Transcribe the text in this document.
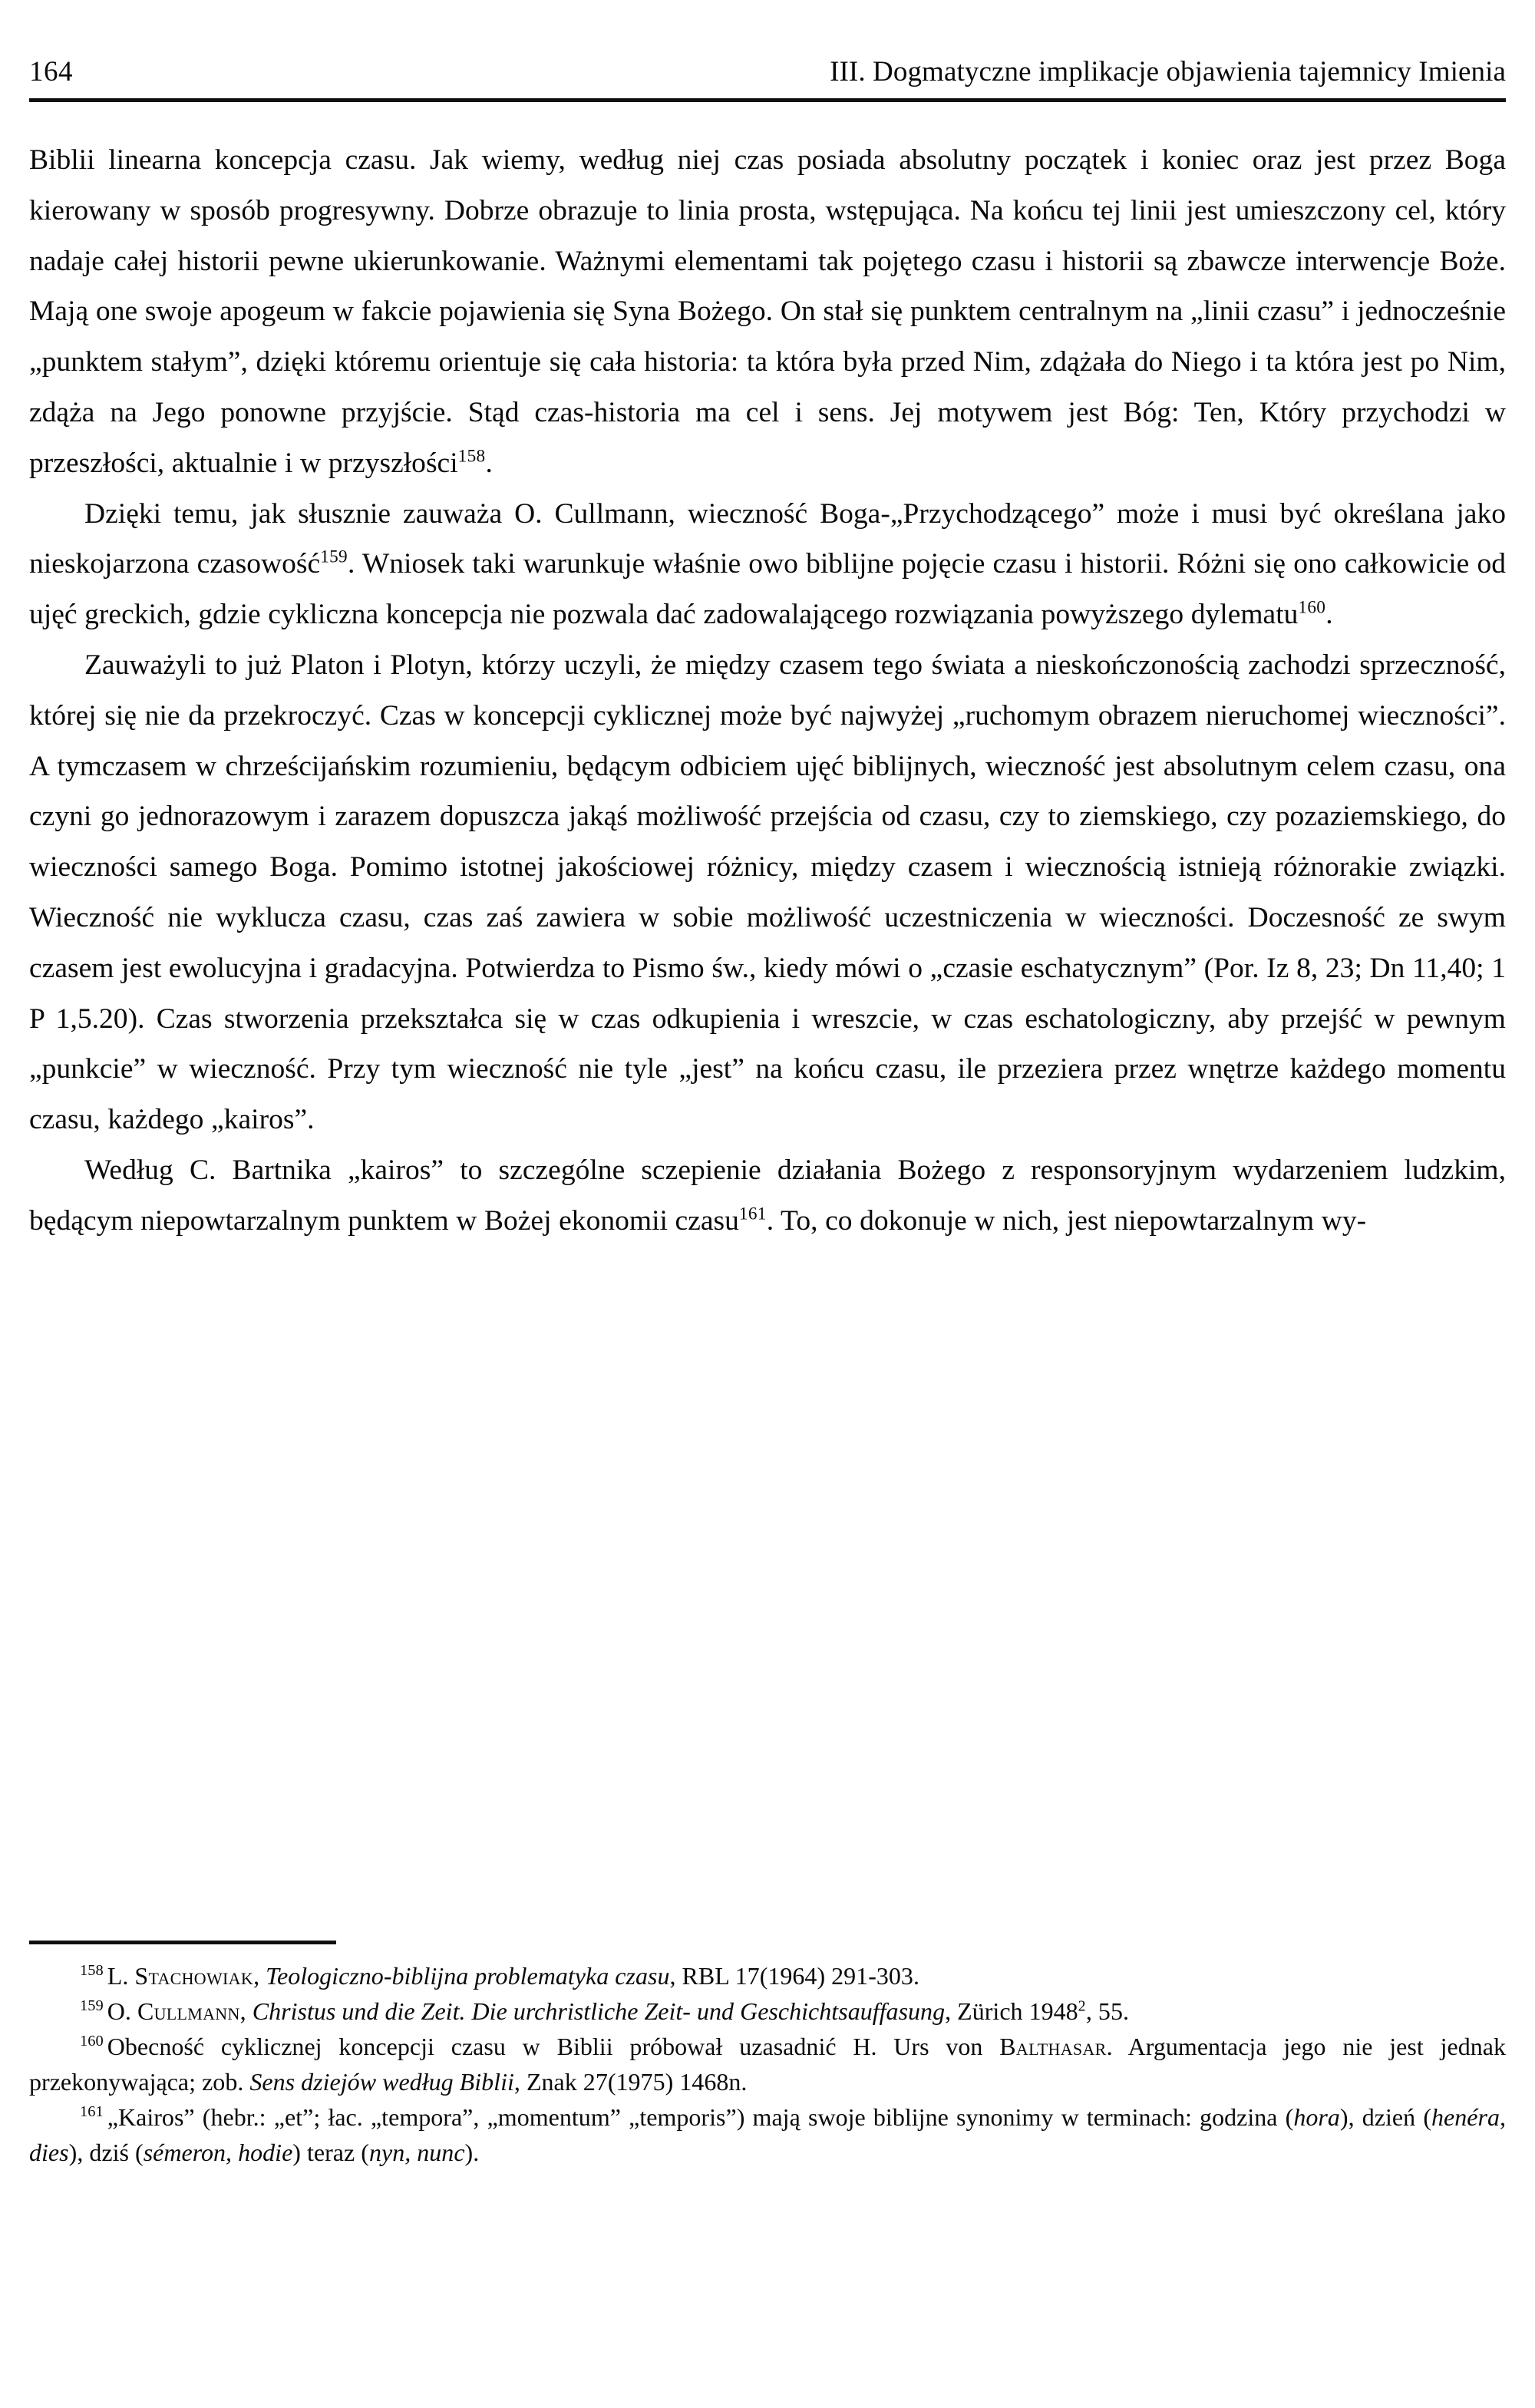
164	III. Dogmatyczne implikacje objawienia tajemnicy Imienia

Biblii linearna koncepcja czasu. Jak wiemy, według niej czas posiada absolutny początek i koniec oraz jest przez Boga kierowany w sposób progresywny. Dobrze obrazuje to linia prosta, wstępująca. Na końcu tej linii jest umieszczony cel, który nadaje całej historii pewne ukierunkowanie. Ważnymi elementami tak pojętego czasu i historii są zbawcze interwencje Boże. Mają one swoje apogeum w fakcie pojawienia się Syna Bożego. On stał się punktem centralnym na „linii czasu” i jednocześnie „punktem stałym”, dzięki któremu orientuje się cała historia: ta która była przed Nim, zdążała do Niego i ta która jest po Nim, zdąża na Jego ponowne przyjście. Stąd czas-historia ma cel i sens. Jej motywem jest Bóg: Ten, Który przychodzi w przeszłości, aktualnie i w przyszłości$^{158}$.

Dzięki temu, jak słusznie zauważa O. Cullmann, wieczność Boga-„Przychodzącego” może i musi być określana jako nieskojarzona czasowość$^{159}$. Wniosek taki warunkuje właśnie owo biblijne pojęcie czasu i historii. Różni się ono całkowicie od ujęć greckich, gdzie cykliczna koncepcja nie pozwala dać zadowalającego rozwiązania powyższego dylematu$^{160}$.

Zauważyli to już Platon i Plotyn, którzy uczyli, że między czasem tego świata a nieskończonością zachodzi sprzeczność, której się nie da przekroczyć. Czas w koncepcji cyklicznej może być najwyżej „ruchomym obrazem nieruchomej wieczności”. A tymczasem w chrześcijańskim rozumieniu, będącym odbiciem ujęć biblijnych, wieczność jest absolutnym celem czasu, ona czyni go jednorazowym i zarazem dopuszcza jakąś możliwość przejścia od czasu, czy to ziemskiego, czy pozaziemskiego, do wieczności samego Boga. Pomimo istotnej jakościowej różnicy, między czasem i wiecznością istnieją różnorakie związki. Wieczność nie wyklucza czasu, czas zaś zawiera w sobie możliwość uczestniczenia w wieczności. Doczesność ze swym czasem jest ewolucyjna i gradacyjna. Potwierdza to Pismo św., kiedy mówi o „czasie eschatycznym” (Por. Iz 8, 23; Dn 11,40; 1 P 1,5.20). Czas stworzenia przekształca się w czas odkupienia i wreszcie, w czas eschatologiczny, aby przejść w pewnym „punkcie” w wieczność. Przy tym wieczność nie tyle „jest” na końcu czasu, ile przeziera przez wnętrze każdego momentu czasu, każdego „kairos”.

Według C. Bartnika „kairos” to szczególne sczepienie działania Bożego z responsoryjnym wydarzeniem ludzkim, będącym niepowtarzalnym punktem w Bożej ekonomii czasu$^{161}$. To, co dokonuje w nich, jest niepowtarzalnym wy-

$^{158}$ L. Stachowiak, Teologiczno-biblijna problematyka czasu, RBL 17(1964) 291-303.

$^{159}$ O. Cullmann, Christus und die Zeit. Die urchristliche Zeit- und Geschichtsauffasung, Zürich 1948$^2$, 55.

$^{160}$ Obecność cyklicznej koncepcji czasu w Biblii próbował uzasadnić H. Urs von Balthasar. Argumentacja jego nie jest jednak przekonywająca; zob. Sens dziejów według Biblii, Znak 27(1975) 1468n.

$^{161}$ „Kairos” (hebr.: „et”; łac. „tempora”, „momentum” „temporis”) mają swoje biblijne synonimy w terminach: godzina (hora), dzień (henéra, dies), dziś (sémeron, hodie) teraz (nyn, nunc).
